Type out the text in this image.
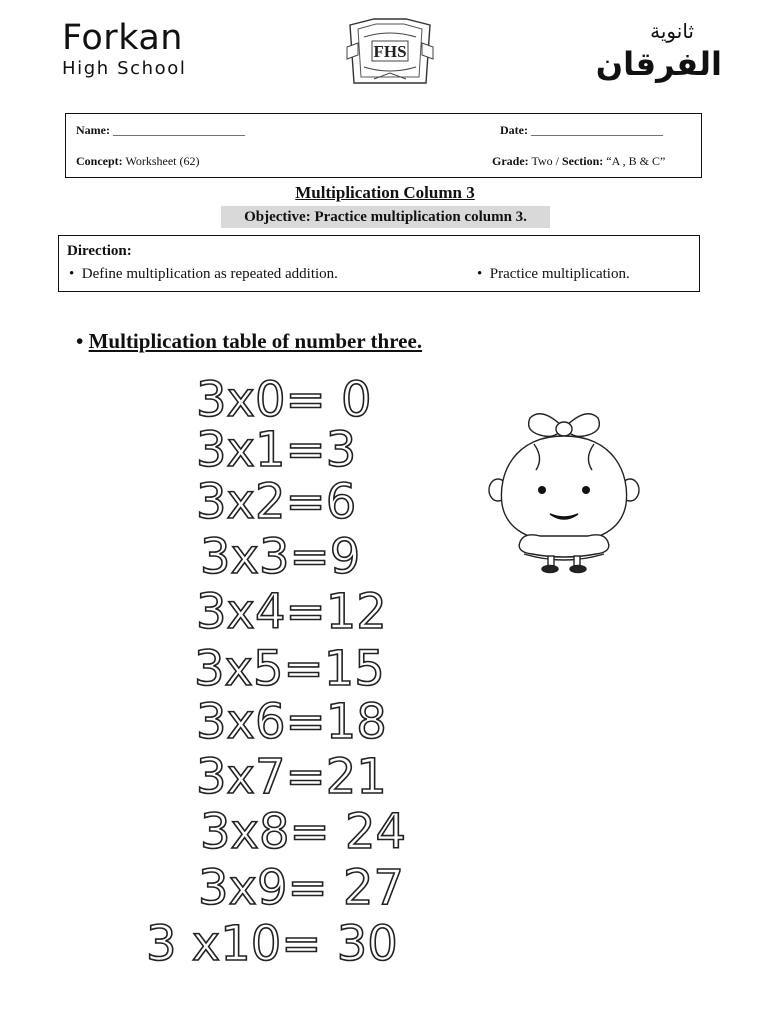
Forkan
High School
FHS
ثانوية
الفرقان
Name: ______________________	Date: ______________________
Concept: Worksheet (62)	Grade: Two / Section: “A , B & C”
Multiplication Column 3
Objective: Practice multiplication column 3.
Direction:
• Define multiplication as repeated addition.	• Practice multiplication.
• Multiplication table of number three.
3x0= 0
3x1=3
3x2=6
3x3=9
3x4=12
3x5=15
3x6=18
3x7=21
3x8= 24
3x9= 27
3 x10= 30
